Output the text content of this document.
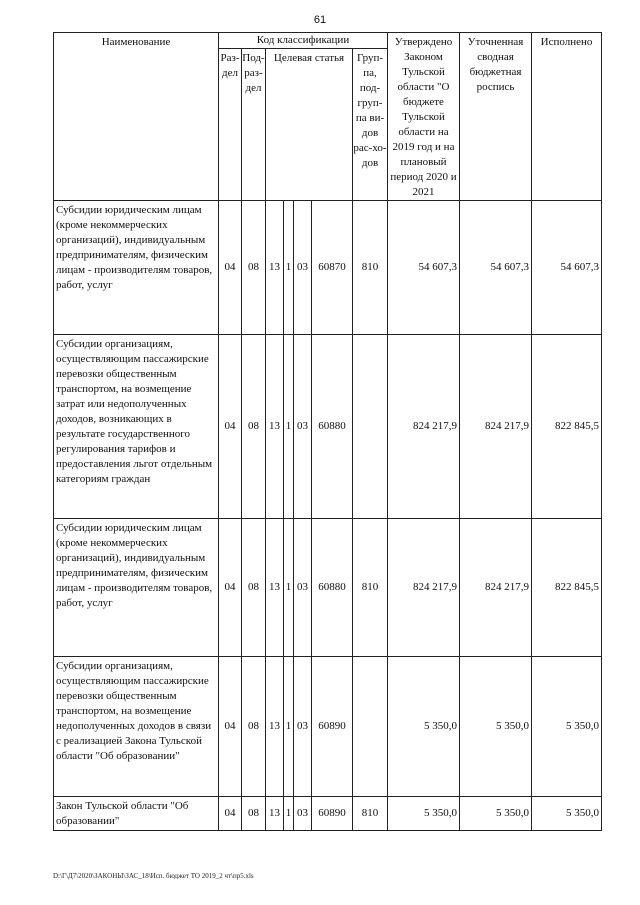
61
Наименование	Код классификации							Утверждено Законом Тульской области "О бюджете Тульской области на 2019 год и на плановый период 2020 и 2021	Уточненная сводная бюджетная роспись	Исполнено

	Раз-дел	Под-раз-дел	Целевая статья				Груп-па, под-груп-па ви-дов рас-хо-дов			

Субсидии юридическим лицам (кроме некоммерческих организаций), индивидуальным предпринимателям, физическим лицам - производителям товаров, работ, услуг	04	08	13	1	03	60870	810	54 607,3	54 607,3	54 607,3
Субсидии организациям, осуществляющим пассажирские перевозки общественным транспортом, на возмещение затрат или недополученных доходов, возникающих в результате государственного регулирования тарифов и предоставления льгот отдельным категориям граждан	04	08	13	1	03	60880		824 217,9	824 217,9	822 845,5
Субсидии юридическим лицам (кроме некоммерческих организаций), индивидуальным предпринимателям, физическим лицам - производителям товаров, работ, услуг	04	08	13	1	03	60880	810	824 217,9	824 217,9	822 845,5
Субсидии организациям, осуществляющим пассажирские перевозки общественным транспортом, на возмещение недополученных доходов в связи с реализацией Закона Тульской области "Об образовании"	04	08	13	1	03	60890		5 350,0	5 350,0	5 350,0
Закон Тульской области "Об образовании"	04	08	13	1	03	60890	810	5 350,0	5 350,0	5 350,0
D:\Г\Д7\2020\ЗАКОНЫ\ЗАС_18\Исп. бюджет ТО 2019_2 чт\пр5.xls
